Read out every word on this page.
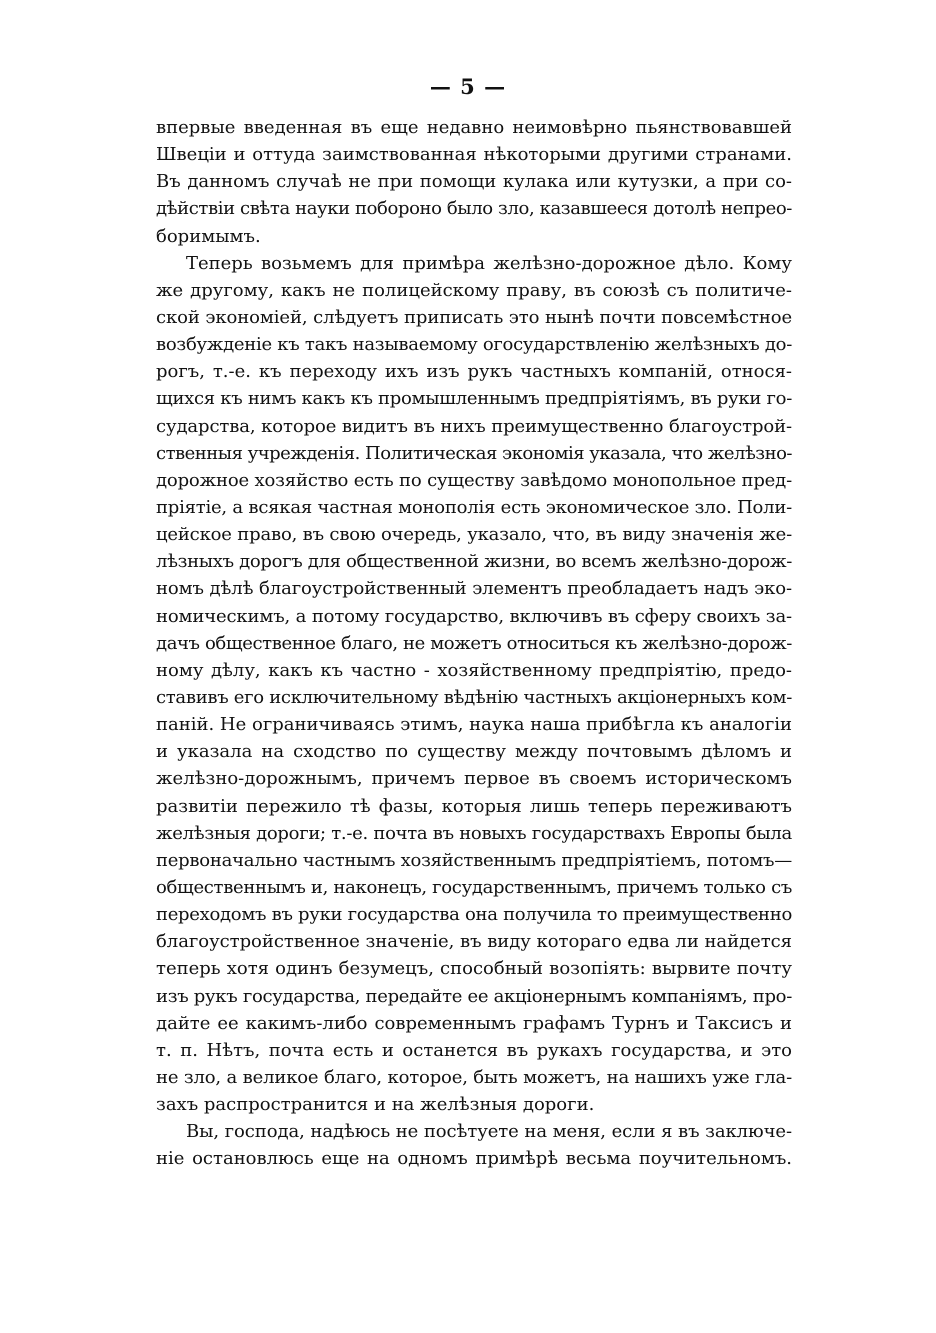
— 5 —
впервые введенная въ еще недавно неимовѣрно пьянствовавшей
Швеціи и оттуда заимствованная нѣкоторыми другими странами.
Въ данномъ случаѣ не при помощи кулака или кутузки, а при со-
дѣйствіи свѣта науки побороно было зло, казавшееся дотолѣ непрео-
боримымъ.
Теперь возьмемъ для примѣра желѣзно-дорожное дѣло. Кому
же другому, какъ не полицейскому праву, въ союзѣ съ политиче-
ской экономіей, слѣдуетъ приписать это нынѣ почти повсемѣстное
возбужденіе къ такъ называемому огосударствленію желѣзныхъ до-
рогъ, т.-е. къ переходу ихъ изъ рукъ частныхъ компаній, относя-
щихся къ нимъ какъ къ промышленнымъ предпріятіямъ, въ руки го-
сударства, которое видитъ въ нихъ преимущественно благоустрой-
ственныя учрежденія. Политическая экономія указала, что желѣзно-
дорожное хозяйство есть по существу завѣдомо монопольное пред-
пріятіе, а всякая частная монополія есть экономическое зло. Поли-
цейское право, въ свою очередь, указало, что, въ виду значенія же-
лѣзныхъ дорогъ для общественной жизни, во всемъ желѣзно-дорож-
номъ дѣлѣ благоустройственный элементъ преобладаетъ надъ эко-
номическимъ, а потому государство, включивъ въ сферу своихъ за-
дачъ общественное благо, не можетъ относиться къ желѣзно-дорож-
ному дѣлу, какъ къ частно - хозяйственному предпріятію, предо-
ставивъ его исключительному вѣдѣнію частныхъ акціонерныхъ ком-
паній. Не ограничиваясь этимъ, наука наша прибѣгла къ аналогіи
и указала на сходство по существу между почтовымъ дѣломъ и
желѣзно-дорожнымъ, причемъ первое въ своемъ историческомъ
развитіи пережило тѣ фазы, которыя лишь теперь переживаютъ
желѣзныя дороги; т.-е. почта въ новыхъ государствахъ Европы была
первоначально частнымъ хозяйственнымъ предпріятіемъ, потомъ—
общественнымъ и, наконецъ, государственнымъ, причемъ только съ
переходомъ въ руки государства она получила то преимущественно
благоустройственное значеніе, въ виду котораго едва ли найдется
теперь хотя одинъ безумецъ, способный возопіять: вырвите почту
изъ рукъ государства, передайте ее акціонернымъ компаніямъ, про-
дайте ее какимъ-либо современнымъ графамъ Турнъ и Таксисъ и
т. п. Нѣтъ, почта есть и останется въ рукахъ государства, и это
не зло, а великое благо, которое, быть можетъ, на нашихъ уже гла-
захъ распространится и на желѣзныя дороги.
Вы, господа, надѣюсь не посѣтуете на меня, если я въ заключе-
ніе остановлюсь еще на одномъ примѣрѣ весьма поучительномъ.
